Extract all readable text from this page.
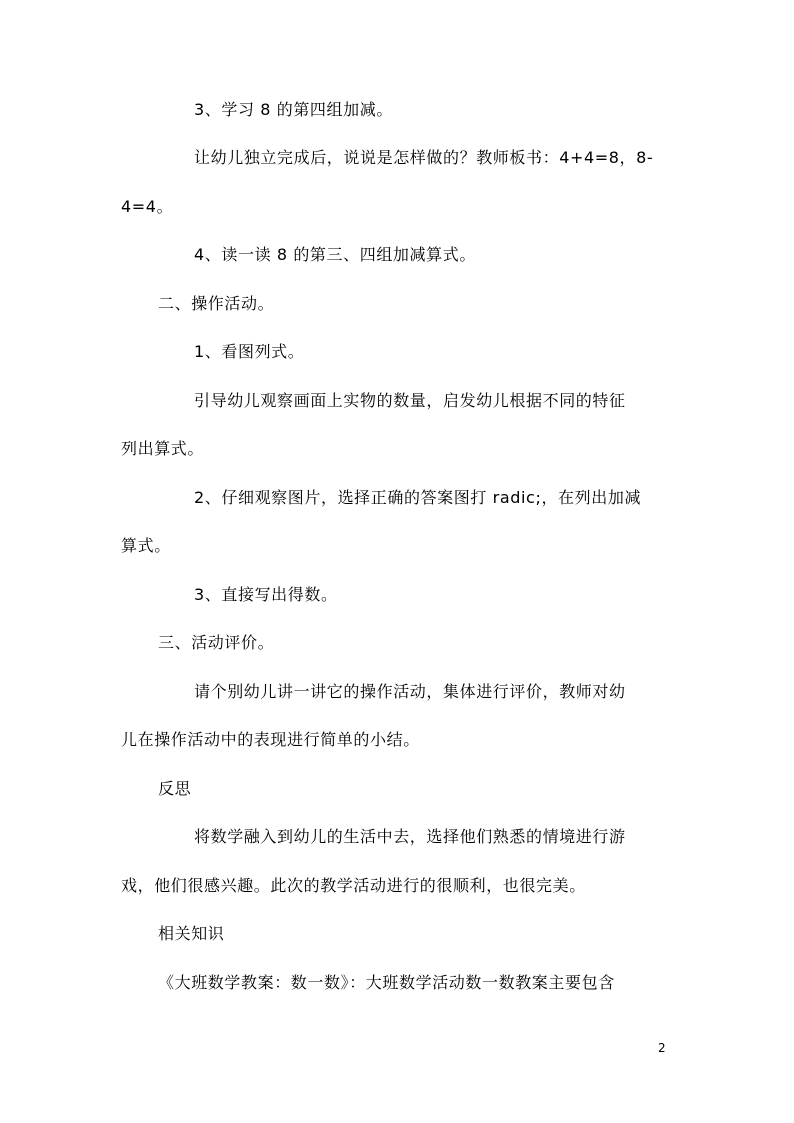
3、学习 8 的第四组加减。
让幼儿独立完成后，说说是怎样做的？教师板书：4+4=8，8-
4=4。
4、读一读 8 的第三、四组加减算式。
二、操作活动。
1、看图列式。
引导幼儿观察画面上实物的数量，启发幼儿根据不同的特征
列出算式。
2、仔细观察图片，选择正确的答案图打 radic;，在列出加减
算式。
3、直接写出得数。
三、活动评价。
请个别幼儿讲一讲它的操作活动，集体进行评价，教师对幼
儿在操作活动中的表现进行简单的小结。
反思
将数学融入到幼儿的生活中去，选择他们熟悉的情境进行游
戏，他们很感兴趣。此次的教学活动进行的很顺利，也很完美。
相关知识
《大班数学教案：数一数》：大班数学活动数一数教案主要包含
2
